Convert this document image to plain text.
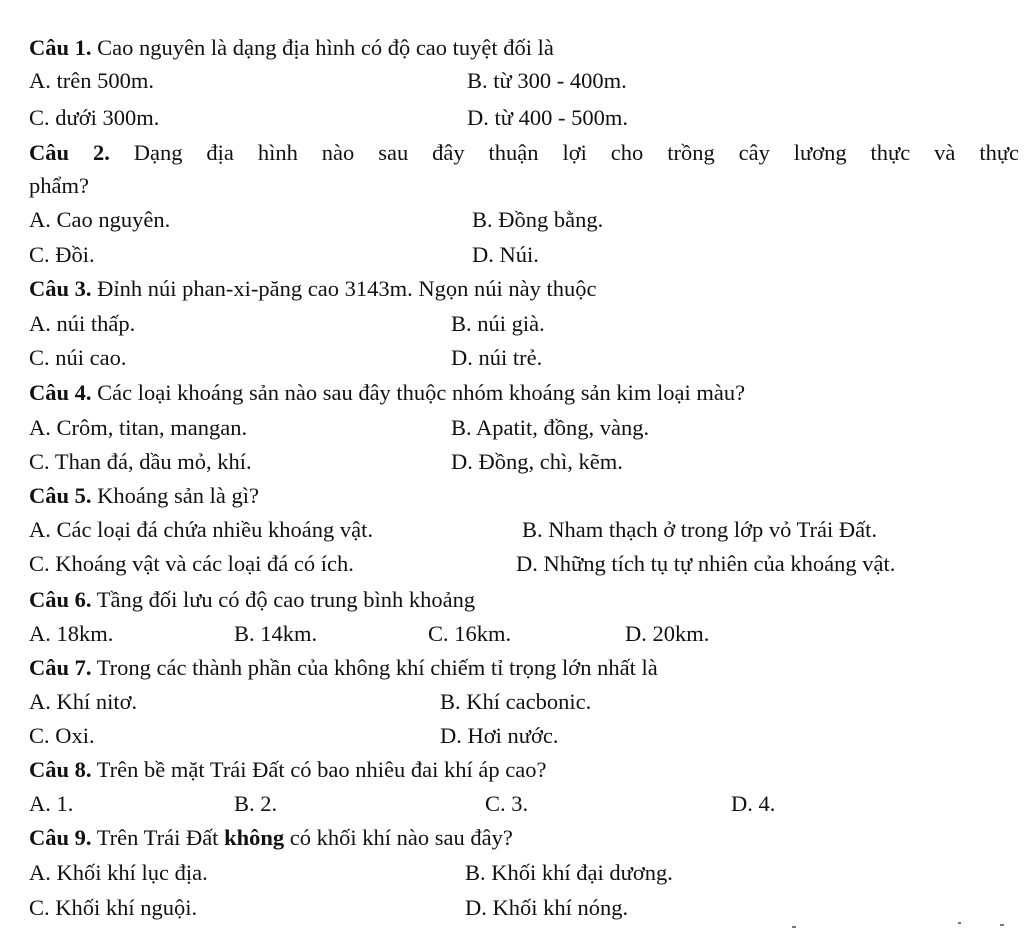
Câu 1. Cao nguyên là dạng địa hình có độ cao tuyệt đối là
A. trên 500m.	B. từ 300 - 400m.
C. dưới 300m.	D. từ 400 - 500m.
Câu 2. Dạng địa hình nào sau đây thuận lợi cho trồng cây lương thực và thực
phẩm?
A. Cao nguyên.	B. Đồng bằng.
C. Đồi.	D. Núi.
Câu 3. Đỉnh núi phan-xi-păng cao 3143m. Ngọn núi này thuộc
A. núi thấp.	B. núi già.
C. núi cao.	D. núi trẻ.
Câu 4. Các loại khoáng sản nào sau đây thuộc nhóm khoáng sản kim loại màu?
A. Crôm, titan, mangan.	B. Apatit, đồng, vàng.
C. Than đá, dầu mỏ, khí.	D. Đồng, chì, kẽm.
Câu 5. Khoáng sản là gì?
A. Các loại đá chứa nhiều khoáng vật.	B. Nham thạch ở trong lớp vỏ Trái Đất.
C. Khoáng vật và các loại đá có ích.	D. Những tích tụ tự nhiên của khoáng vật.
Câu 6. Tầng đối lưu có độ cao trung bình khoảng
A. 18km.	B. 14km.	C. 16km.	D. 20km.
Câu 7. Trong các thành phần của không khí chiếm tỉ trọng lớn nhất là
A. Khí nitơ.	B. Khí cacbonic.
C. Oxi.	D. Hơi nước.
Câu 8. Trên bề mặt Trái Đất có bao nhiêu đai khí áp cao?
A. 1.	B. 2.	C. 3.	D. 4.
Câu 9. Trên Trái Đất không có khối khí nào sau đây?
A. Khối khí lục địa.	B. Khối khí đại dương.
C. Khối khí nguội.	D. Khối khí nóng.
